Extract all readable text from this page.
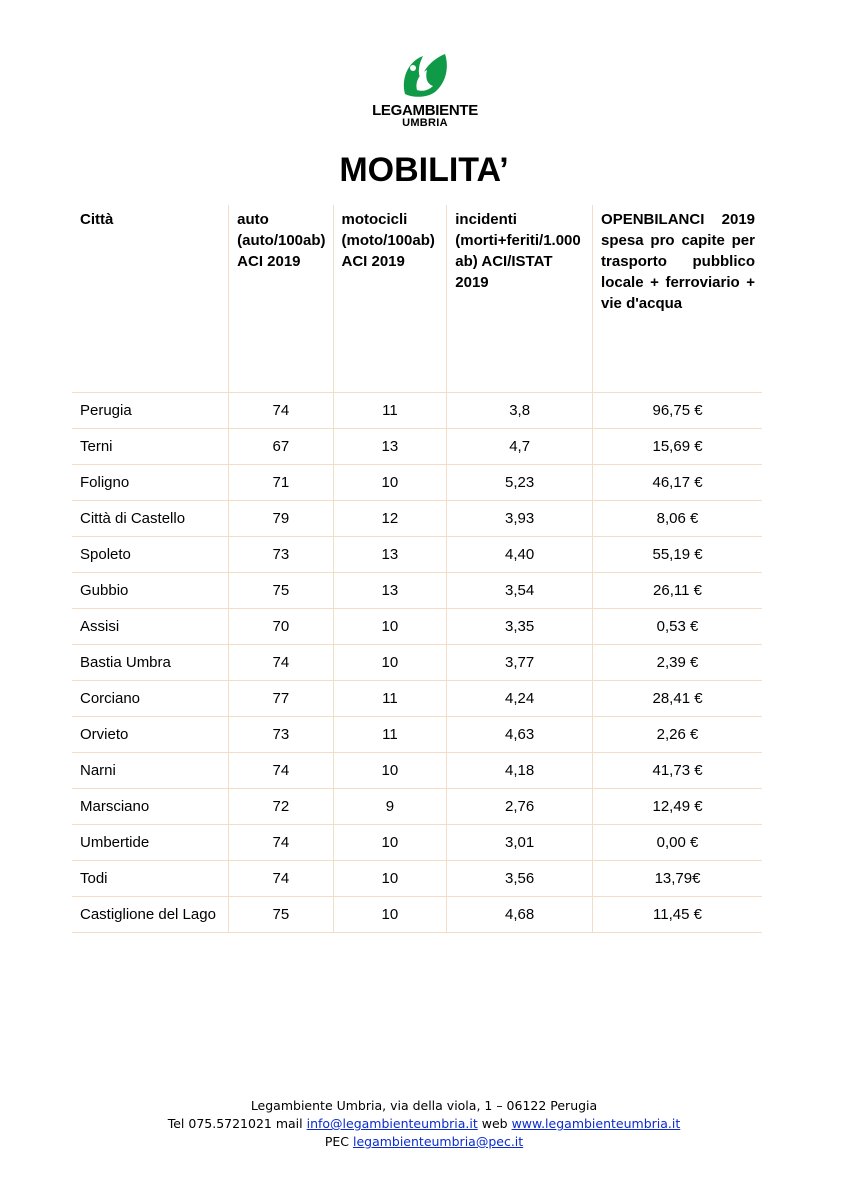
LEGAMBIENTE
UMBRIA
MOBILITA’
Città	auto (auto/100ab) ACI 2019	motocicli (moto/100ab) ACI 2019	incidenti (morti+feriti/1.000 ab) ACI/ISTAT 2019	OPENBILANCI 2019 spesa pro capite per trasporto pubblico locale + ferroviario + vie d'acqua
Perugia	74	11	3,8	96,75 €
Terni	67	13	4,7	15,69 €
Foligno	71	10	5,23	46,17 €
Città di Castello	79	12	3,93	8,06 €
Spoleto	73	13	4,40	55,19 €
Gubbio	75	13	3,54	26,11 €
Assisi	70	10	3,35	0,53 €
Bastia Umbra	74	10	3,77	2,39 €
Corciano	77	11	4,24	28,41 €
Orvieto	73	11	4,63	2,26 €
Narni	74	10	4,18	41,73 €
Marsciano	72	9	2,76	12,49 €
Umbertide	74	10	3,01	0,00 €
Todi	74	10	3,56	13,79€
Castiglione del Lago	75	10	4,68	11,45 €
Legambiente Umbria, via della viola, 1 – 06122 Perugia
Tel 075.5721021 mail info@legambienteumbria.it web www.legambienteumbria.it
PEC legambienteumbria@pec.it
